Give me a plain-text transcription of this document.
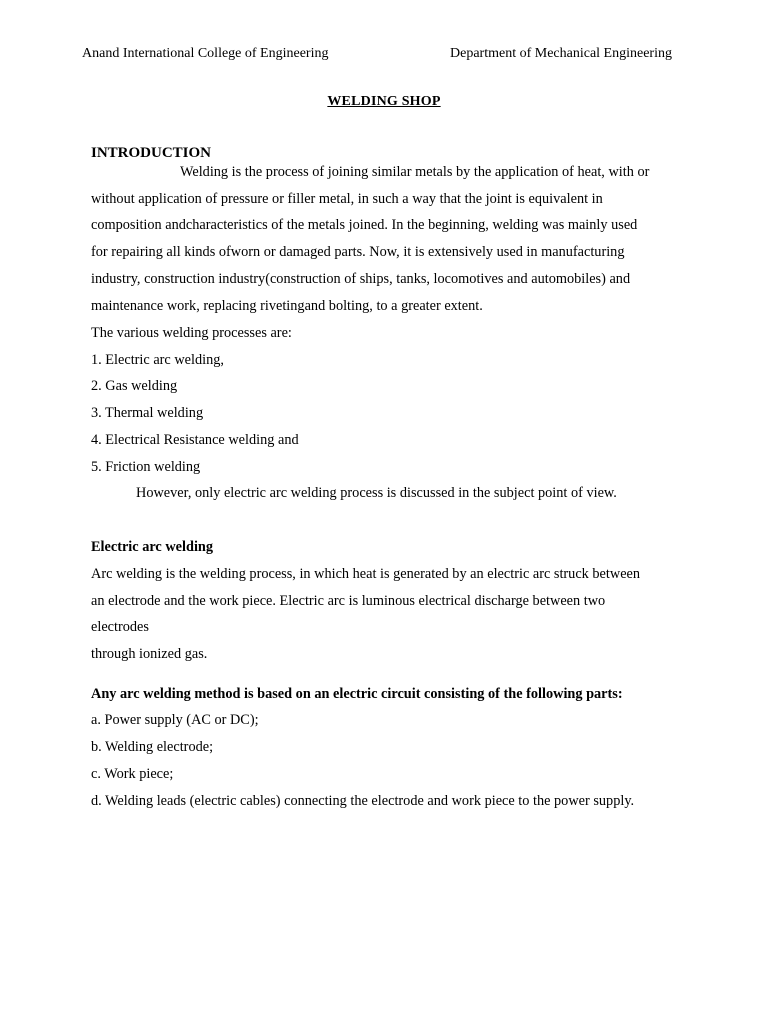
Anand International College of Engineering	Department of Mechanical Engineering
WELDING SHOP
INTRODUCTION
Welding is the process of joining similar metals by the application of heat, with or
without application of pressure or filler metal, in such a way that the joint is equivalent in
composition andcharacteristics of the metals joined. In the beginning, welding was mainly used
for repairing all kinds ofworn or damaged parts. Now, it is extensively used in manufacturing
industry, construction industry(construction of ships, tanks, locomotives and automobiles) and
maintenance work, replacing rivetingand bolting, to a greater extent.
The various welding processes are:
1. Electric arc welding,
2. Gas welding
3. Thermal welding
4. Electrical Resistance welding and
5. Friction welding
However, only electric arc welding process is discussed in the subject point of view.
Electric arc welding
Arc welding is the welding process, in which heat is generated by an electric arc struck between
an electrode and the work piece. Electric arc is luminous electrical discharge between two
electrodes
through ionized gas.
Any arc welding method is based on an electric circuit consisting of the following parts:
a. Power supply (AC or DC);
b. Welding electrode;
c. Work piece;
d. Welding leads (electric cables) connecting the electrode and work piece to the power supply.
